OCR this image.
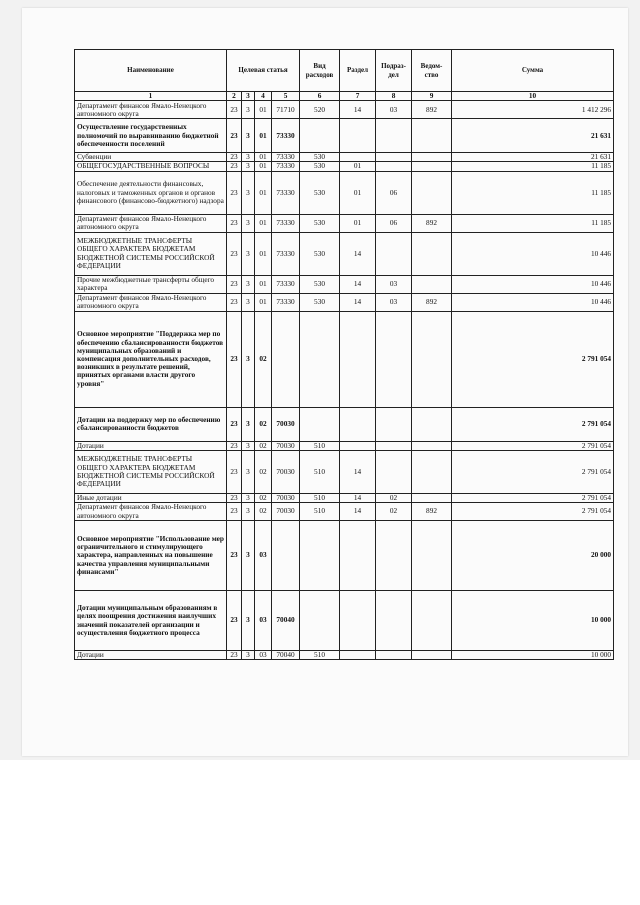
Наименование	Целевая статья				Вид расходов	Раздел	Подраз-дел	Ведом-ство	Сумма
1	2	3	4	5	6	7	8	9	10
Департамент финансов Ямало-Ненецкого автономного округа	23	3	01	71710	520	14	03	892	1 412 296
Осуществление государственных полномочий по выравниванию бюджетной обеспеченности поселений	23	3	01	73330					21 631
Субвенции	23	3	01	73330	530				21 631
ОБЩЕГОСУДАРСТВЕННЫЕ ВОПРОСЫ	23	3	01	73330	530	01			11 185
Обеспечение деятельности финансовых, налоговых и таможенных органов и органов финансового (финансово-бюджетного) надзора	23	3	01	73330	530	01	06		11 185
Департамент финансов Ямало-Ненецкого автономного округа	23	3	01	73330	530	01	06	892	11 185
МЕЖБЮДЖЕТНЫЕ ТРАНСФЕРТЫ ОБЩЕГО ХАРАКТЕРА БЮДЖЕТАМ БЮДЖЕТНОЙ СИСТЕМЫ РОССИЙСКОЙ ФЕДЕРАЦИИ	23	3	01	73330	530	14			10 446
Прочие межбюджетные трансферты общего характера	23	3	01	73330	530	14	03		10 446
Департамент финансов Ямало-Ненецкого автономного округа	23	3	01	73330	530	14	03	892	10 446
Основное мероприятие "Поддержка мер по обеспечению сбалансированности бюджетов муниципальных образований и компенсация дополнительных расходов, возникших в результате решений, принятых органами власти другого уровня"	23	3	02						2 791 054
Дотации на поддержку мер по обеспечению сбалансированности бюджетов	23	3	02	70030					2 791 054
Дотации	23	3	02	70030	510				2 791 054
МЕЖБЮДЖЕТНЫЕ ТРАНСФЕРТЫ ОБЩЕГО ХАРАКТЕРА БЮДЖЕТАМ БЮДЖЕТНОЙ СИСТЕМЫ РОССИЙСКОЙ ФЕДЕРАЦИИ	23	3	02	70030	510	14			2 791 054
Иные дотации	23	3	02	70030	510	14	02		2 791 054
Департамент финансов Ямало-Ненецкого автономного округа	23	3	02	70030	510	14	02	892	2 791 054
Основное мероприятие "Использование мер ограничительного и стимулирующего характера, направленных на повышение качества управления муниципальными финансами"	23	3	03						20 000
Дотации муниципальным образованиям в целях поощрения достижения наилучших значений показателей организации и осуществления бюджетного процесса	23	3	03	70040					10 000
Дотации	23	3	03	70040	510				10 000
